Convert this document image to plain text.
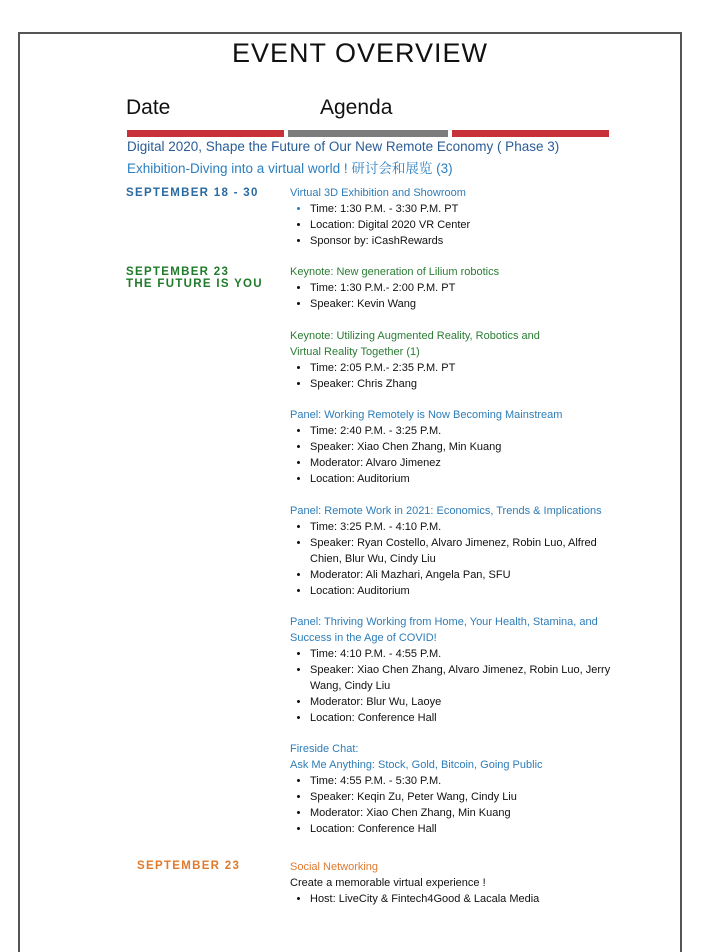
EVENT OVERVIEW
Date	Agenda
Digital 2020, Shape the Future of Our New Remote Economy ( Phase 3)
Exhibition-Diving into a virtual world ! 研讨会和展览 (3)
SEPTEMBER 18 - 30
SEPTEMBER 23
THE FUTURE IS YOU
SEPTEMBER 23
Virtual 3D Exhibition and Showroom
• Time: 1:30 P.M. - 3:30 P.M. PT
• Location: Digital 2020 VR Center
• Sponsor by: iCashRewards
Keynote: New generation of Lilium robotics
• Time: 1:30 P.M.- 2:00 P.M. PT
• Speaker: Kevin Wang
Keynote: Utilizing Augmented Reality, Robotics and
Virtual Reality Together (1)
• Time: 2:05 P.M.- 2:35 P.M. PT
• Speaker: Chris Zhang
Panel: Working Remotely is Now Becoming Mainstream
• Time: 2:40 P.M. - 3:25 P.M.
• Speaker: Xiao Chen Zhang, Min Kuang
• Moderator: Alvaro Jimenez
• Location: Auditorium
Panel: Remote Work in 2021: Economics, Trends & Implications
• Time: 3:25 P.M. - 4:10 P.M.
• Speaker: Ryan Costello, Alvaro Jimenez, Robin Luo, Alfred Chien, Blur Wu, Cindy Liu
• Moderator: Ali Mazhari, Angela Pan, SFU
• Location: Auditorium
Panel: Thriving Working from Home, Your Health, Stamina, and Success in the Age of COVID!
• Time: 4:10 P.M. - 4:55 P.M.
• Speaker: Xiao Chen Zhang, Alvaro Jimenez, Robin Luo, Jerry Wang, Cindy Liu
• Moderator: Blur Wu, Laoye
• Location: Conference Hall
Fireside Chat:
Ask Me Anything: Stock, Gold, Bitcoin, Going Public
• Time: 4:55 P.M. - 5:30 P.M.
• Speaker: Keqin Zu, Peter Wang, Cindy Liu
• Moderator: Xiao Chen Zhang, Min Kuang
• Location: Conference Hall
Social Networking
Create a memorable virtual experience !
• Host: LiveCity & Fintech4Good & Lacala Media
